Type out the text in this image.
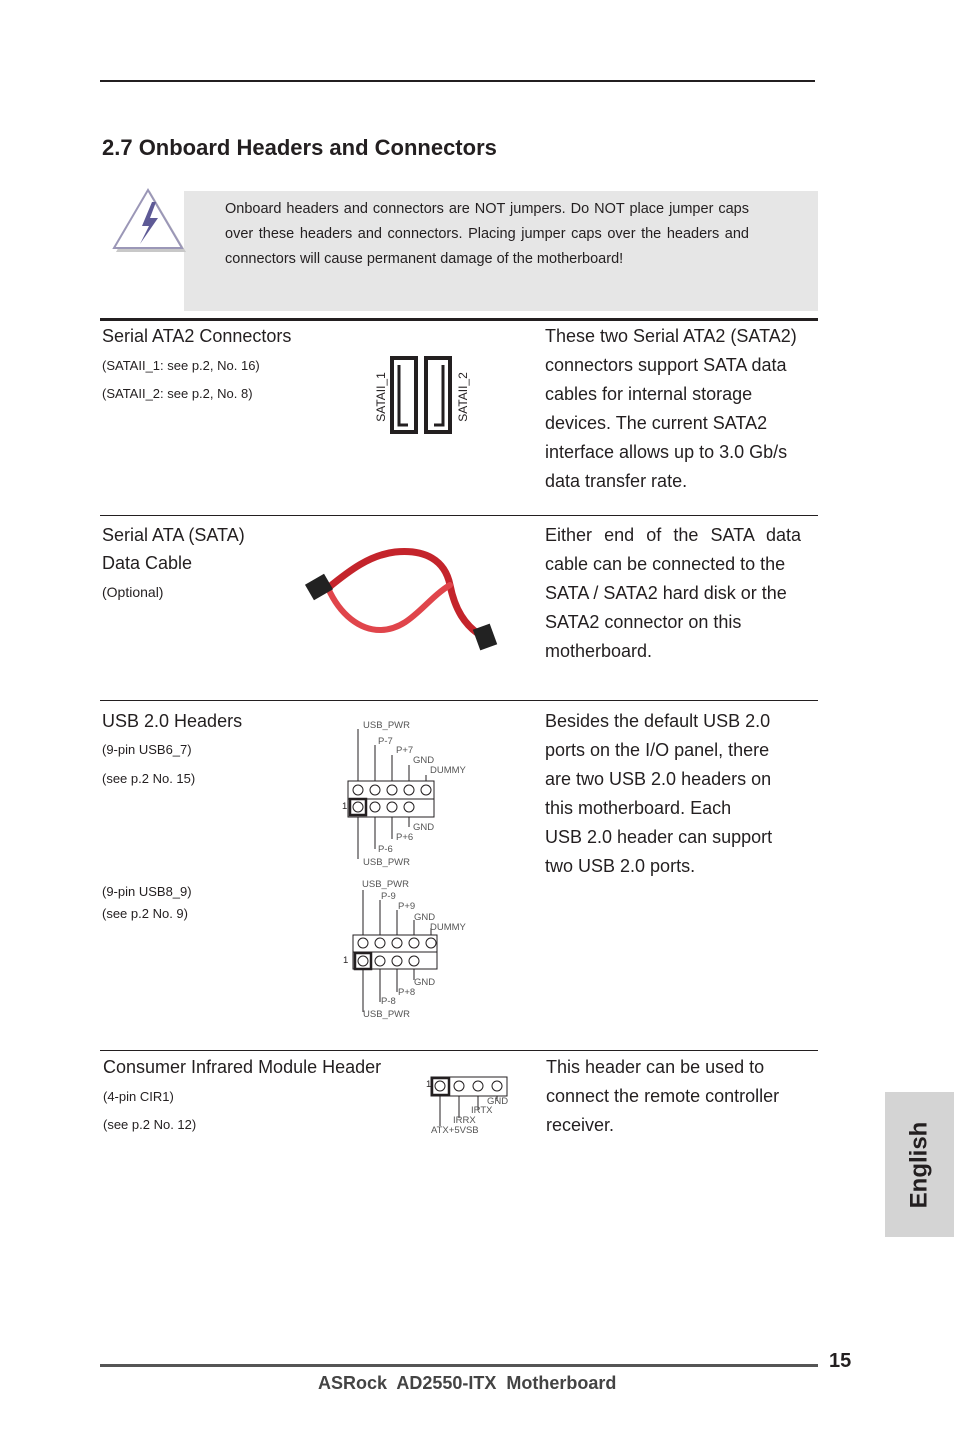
2.7 Onboard Headers and Connectors
Onboard headers and connectors are NOT jumpers. Do NOT place jumper caps over these headers and connectors. Placing jumper caps over the headers and connectors will cause permanent damage of the motherboard!
Serial ATA2 Connectors
(SATAII_1: see p.2, No. 16)
(SATAII_2: see p.2, No. 8)	SATAII_1	SATAII_2
These two Serial ATA2 (SATA2)
connectors support SATA data
cables for internal storage
devices. The current SATA2
interface allows up to 3.0 Gb/s
data transfer rate.
Serial ATA (SATA)
Data Cable
(Optional)
Either end of the SATA data
cable can be connected to the
SATA / SATA2 hard disk or the
SATA2 connector on this
motherboard.
USB 2.0 Headers
(9-pin USB6_7)
(see p.2 No. 15)
(9-pin USB8_9)
(see p.2 No. 9)
USB_PWR
P-7
P+7
GND
DUMMY
1
GND
P+6
P-6
USB_PWR
USB_PWR
P-9
P+9
GND
DUMMY
1
GND
P+8
P-8
USB_PWR
Besides the default USB 2.0
ports on the I/O panel, there
are two USB 2.0 headers on
this motherboard. Each
USB 2.0 header can support
two USB 2.0 ports.
Consumer Infrared Module Header
(4-pin CIR1)
(see p.2 No. 12)
1
GND
IRTX
IRRX
ATX+5VSB
This header can be used to
connect the remote controller
receiver.	English
15
ASRock  AD2550-ITX  Motherboard
